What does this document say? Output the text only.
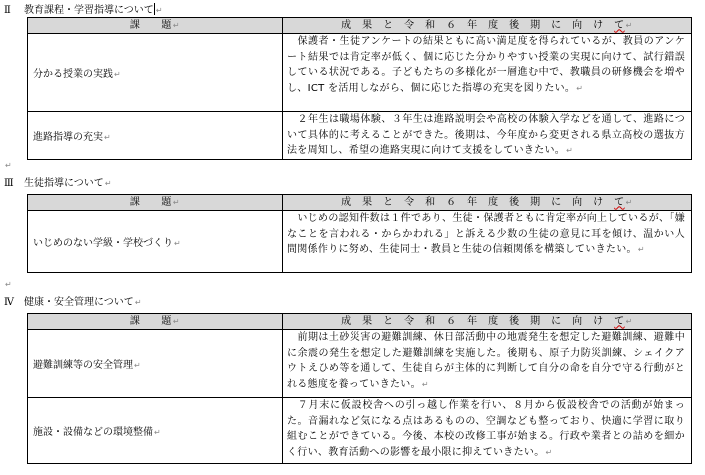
Ⅱ 教育課程・学習指導について ↵
課　　題↵	成　果　と　令　和　６　年　度　後　期　に　向　け　 て↵
分かる授業の実践↵	　保護者・生徒アンケートの結果ともに高い満足度を得られているが、教員のアンケート結果では肯定率が低く、個に応じた分かりやすい授業の実現に向けて、試行錯誤している状況である。子どもたちの多様化が一層進む中で、教職員の研修機会を増やし、ICT を活用しながら、個に応じた指導の充実を図りたい。↵
進路指導の充実↵	　２年生は職場体験、３年生は進路説明会や高校の体験入学などを通して、進路について具体的に考えることができた。後期は、今年度から変更される県立高校の選抜方法を周知し、希望の進路実現に向けて支援をしていきたい。↵
↵
Ⅲ 生徒指導について↵
課　　題↵	成　果　と　令　和　６　年　度　後　期　に　向　け　 て↵
いじめのない学級・学校づくり↵	　いじめの認知件数は１件であり、生徒・保護者ともに肯定率が向上しているが、「嫌なことを言われる・からかわれる」と訴える少数の生徒の意見に耳を傾け、温かい人間関係作りに努め、生徒同士・教員と生徒の信頼関係を構築していきたい。↵
↵
Ⅳ 健康・安全管理について↵
課　　題↵	成　果　と　令　和　６　年　度　後　期　に　向　け　 て↵
避難訓練等の安全管理↵	　前期は土砂災害の避難訓練、休日部活動中の地震発生を想定した避難訓練、避難中に余震の発生を想定した避難訓練を実施した。後期も、原子力防災訓練、シェイクアウトえひめ等を通して、生徒自らが主体的に判断して自分の命を自分で守る行動がとれる態度を養っていきたい。↵
施設・設備などの環境整備↵	　７月末に仮設校舎への引っ越し作業を行い、８月から仮設校舎での活動が始まった。音漏れなど気になる点はあるものの、空調なども整っており、快適に学習に取り組むことができている。今後、本校の改修工事が始まる。行政や業者との詰めを細かく行い、教育活動への影響を最小限に抑えていきたい。↵
